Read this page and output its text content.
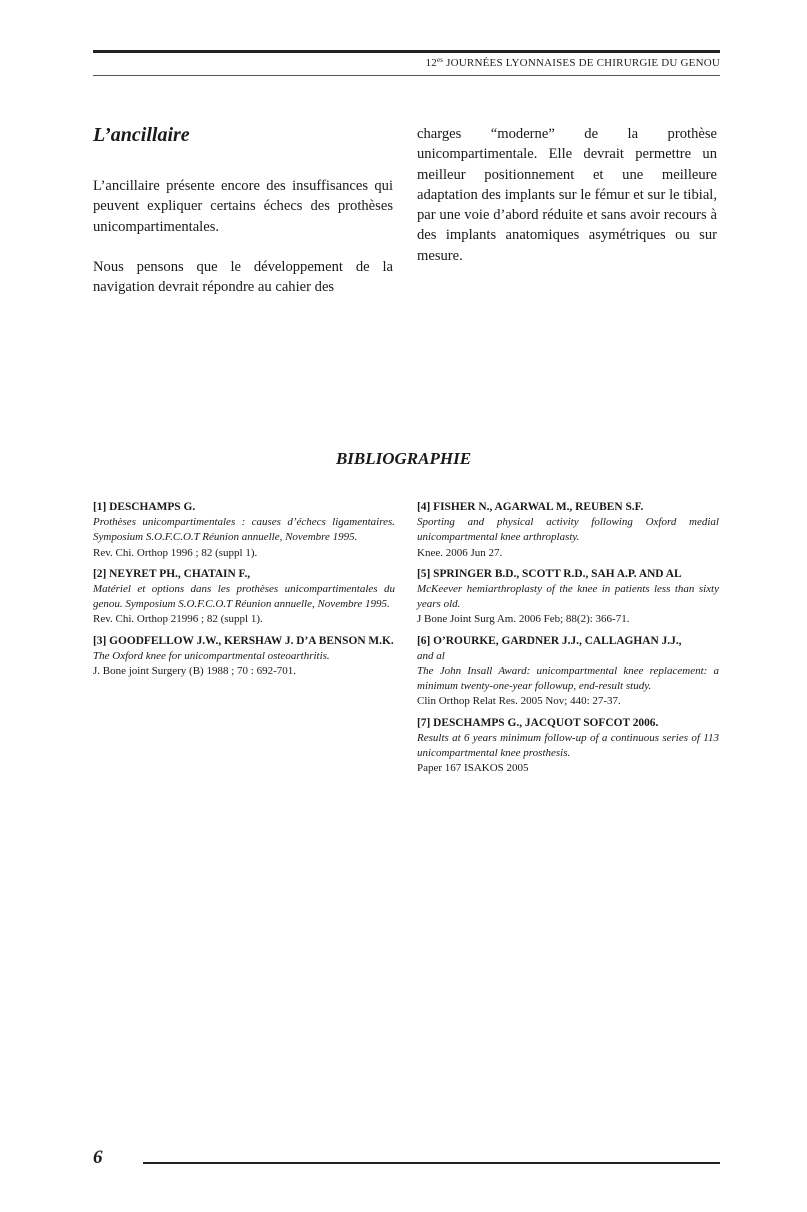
$12^{es}$ JOURNÉES LYONNAISES DE CHIRURGIE DU GENOU
L’ancillaire

L’ancillaire présente encore des insuffisances qui peuvent expliquer certains échecs des prothèses unicompartimentales.

Nous pensons que le développement de la navigation devrait répondre au cahier des

charges “moderne” de la prothèse unicompartimentale. Elle devrait permettre un meilleur positionnement et une meilleure adaptation des implants sur le fémur et sur le tibial, par une voie d’abord réduite et sans avoir recours à des implants anatomiques asymétriques ou sur mesure.

BIBLIOGRAPHIE
[1] DESCHAMPS G.
Prothèses unicompartimentales : causes d’échecs ligamentaires. Symposium S.O.F.C.O.T Réunion annuelle, Novembre 1995.
Rev. Chi. Orthop 1996 ; 82 (suppl 1).
[2] NEYRET PH., CHATAIN F.,
Matériel et options dans les prothèses unicompartimentales du genou. Symposium S.O.F.C.O.T Réunion annuelle, Novembre 1995.
Rev. Chi. Orthop 21996 ; 82 (suppl 1).
[3] GOODFELLOW J.W., KERSHAW J. D’A BENSON M.K.
The Oxford knee for unicompartmental osteoarthritis.
J. Bone joint Surgery (B) 1988 ; 70 : 692-701.
[4] FISHER N., AGARWAL M., REUBEN S.F.
Sporting and physical activity following Oxford medial unicompartmental knee arthroplasty.
Knee. 2006 Jun 27.
[5] SPRINGER B.D., SCOTT R.D., SAH A.P. AND AL
McKeever hemiarthroplasty of the knee in patients less than sixty years old.
J Bone Joint Surg Am. 2006 Feb; 88(2): 366-71.
[6] O’ROURKE, GARDNER J.J., CALLAGHAN J.J.,
and al
The John Insall Award: unicompartmental knee replacement: a minimum twenty-one-year followup, end-result study.
Clin Orthop Relat Res. 2005 Nov; 440: 27-37.
[7] DESCHAMPS G., JACQUOT SOFCOT 2006.
Results at 6 years minimum follow-up of a continuous series of 113 unicompartmental knee prosthesis.
Paper 167 ISAKOS 2005
6
